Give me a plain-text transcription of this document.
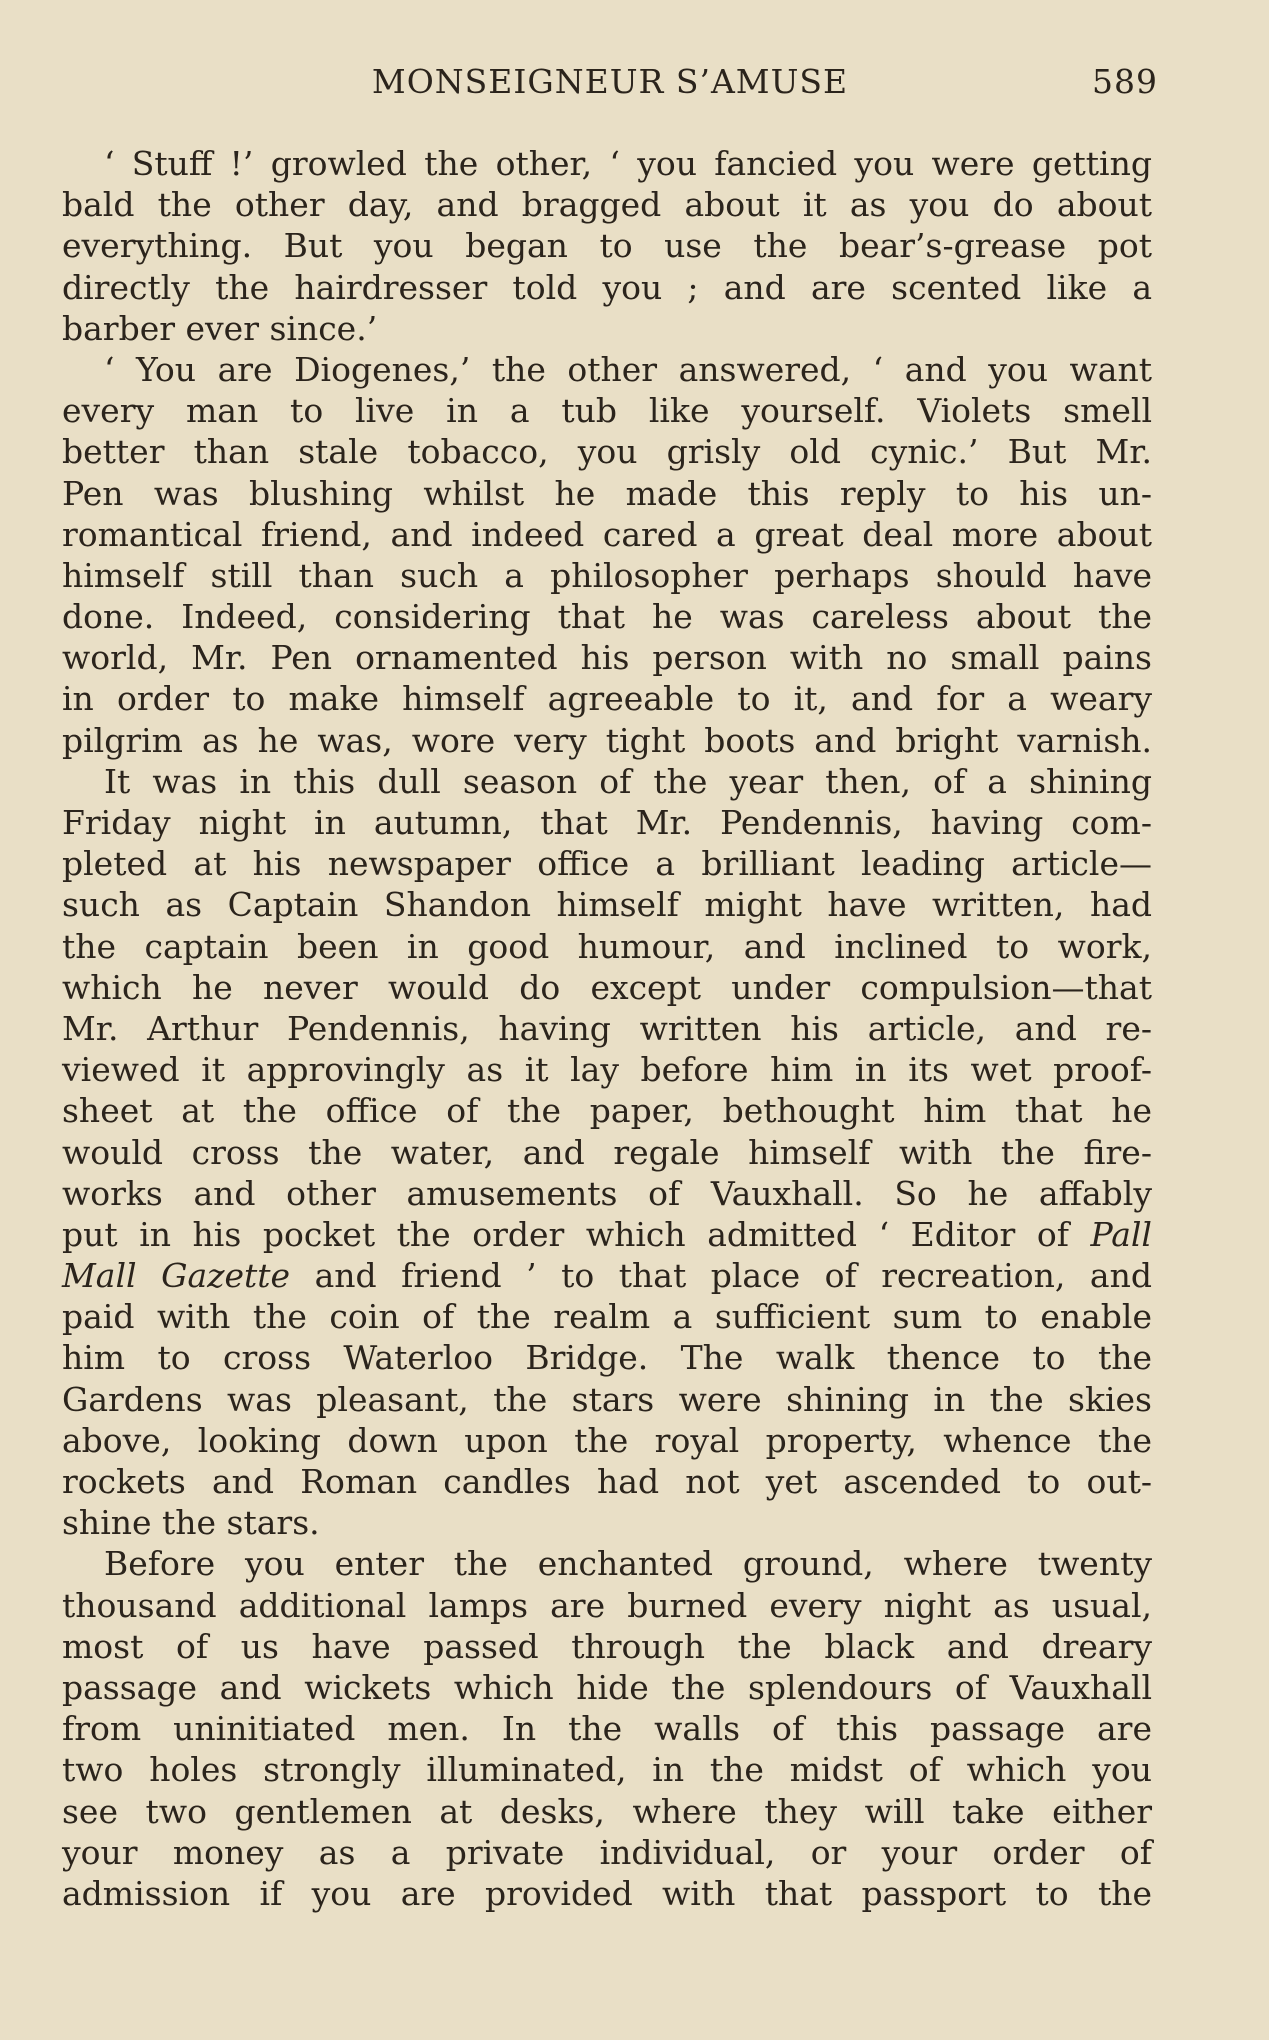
MONSEIGNEUR S’AMUSE	589
‘ Stuff !’ growled the other, ‘ you fancied you were getting
bald the other day, and bragged about it as you do about
everything. But you began to use the bear’s-grease pot
directly the hairdresser told you ; and are scented like a
barber ever since.’
‘ You are Diogenes,’ the other answered, ‘ and you want
every man to live in a tub like yourself. Violets smell
better than stale tobacco, you grisly old cynic.’ But Mr.
Pen was blushing whilst he made this reply to his un-
romantical friend, and indeed cared a great deal more about
himself still than such a philosopher perhaps should have
done. Indeed, considering that he was careless about the
world, Mr. Pen ornamented his person with no small pains
in order to make himself agreeable to it, and for a weary
pilgrim as he was, wore very tight boots and bright varnish.
It was in this dull season of the year then, of a shining
Friday night in autumn, that Mr. Pendennis, having com-
pleted at his newspaper office a brilliant leading article—
such as Captain Shandon himself might have written, had
the captain been in good humour, and inclined to work,
which he never would do except under compulsion—that
Mr. Arthur Pendennis, having written his article, and re-
viewed it approvingly as it lay before him in its wet proof-
sheet at the office of the paper, bethought him that he
would cross the water, and regale himself with the fire-
works and other amusements of Vauxhall. So he affably
put in his pocket the order which admitted ‘ Editor of Pall
Mall Gazette and friend ’ to that place of recreation, and
paid with the coin of the realm a sufficient sum to enable
him to cross Waterloo Bridge. The walk thence to the
Gardens was pleasant, the stars were shining in the skies
above, looking down upon the royal property, whence the
rockets and Roman candles had not yet ascended to out-
shine the stars.
Before you enter the enchanted ground, where twenty
thousand additional lamps are burned every night as usual,
most of us have passed through the black and dreary
passage and wickets which hide the splendours of Vauxhall
from uninitiated men. In the walls of this passage are
two holes strongly illuminated, in the midst of which you
see two gentlemen at desks, where they will take either
your money as a private individual, or your order of
admission if you are provided with that passport to the
